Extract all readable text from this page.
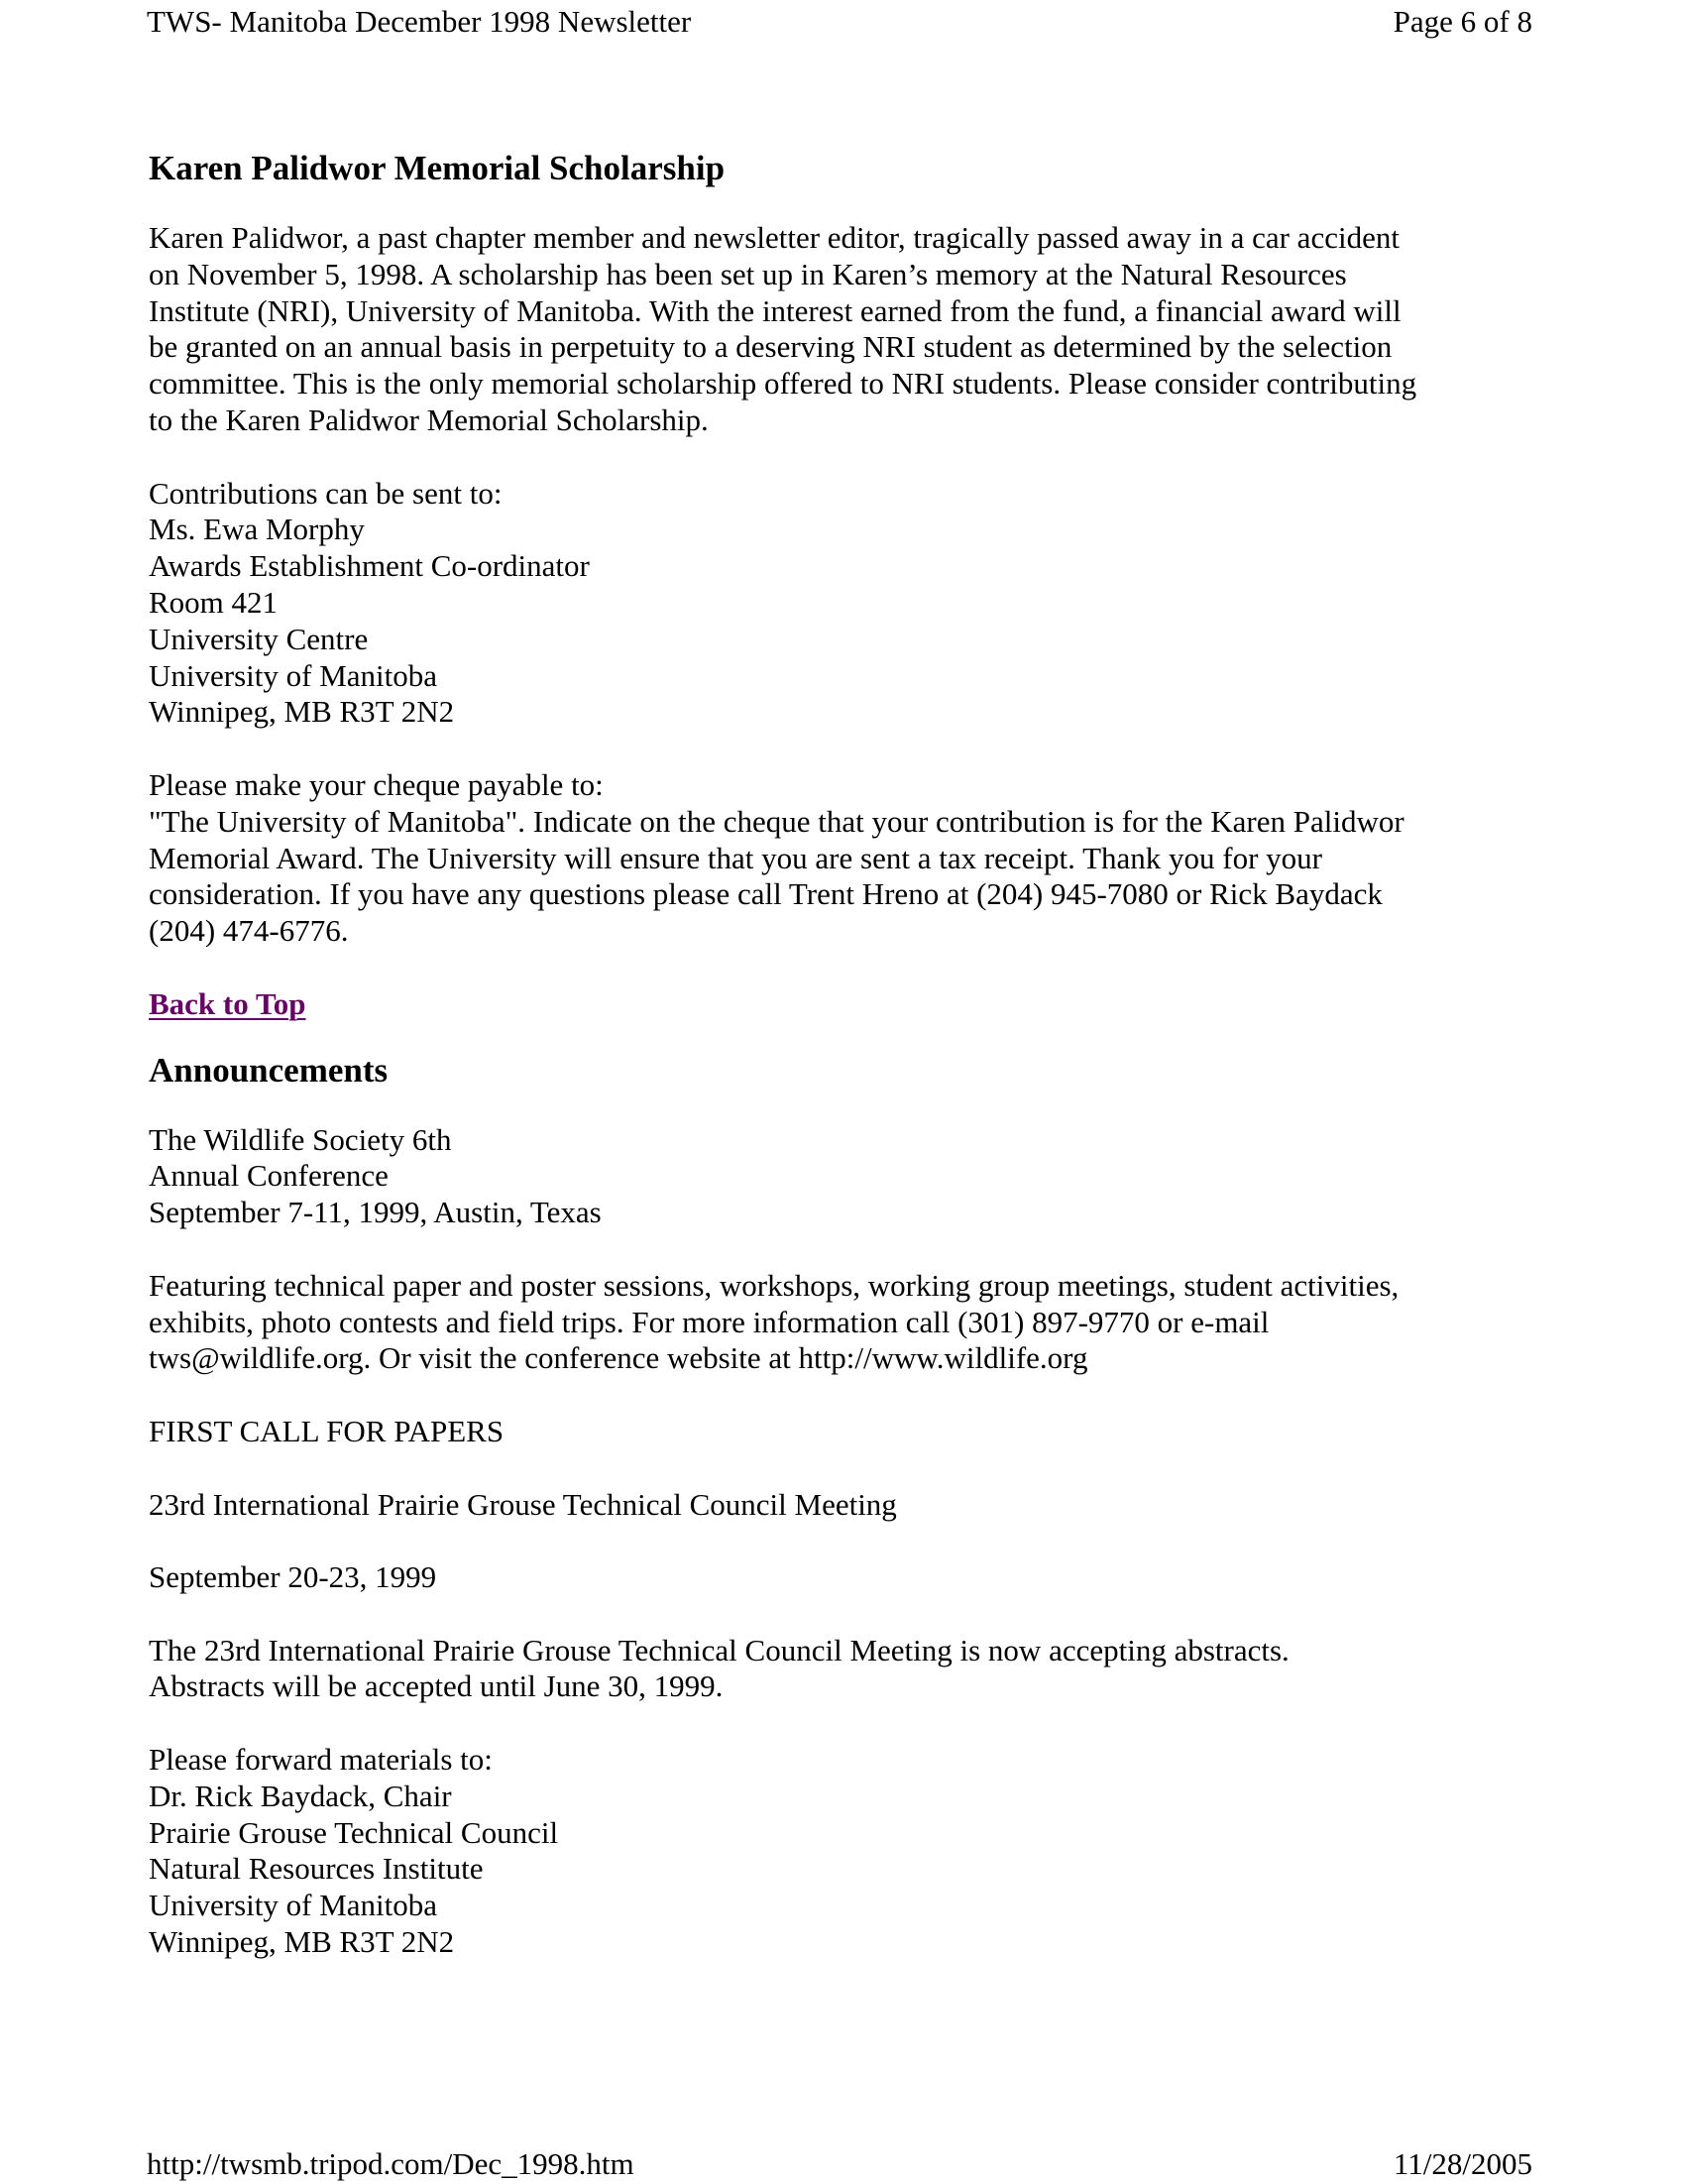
TWS- Manitoba December 1998 Newsletter	Page 6 of 8
Karen Palidwor Memorial Scholarship

Karen Palidwor, a past chapter member and newsletter editor, tragically passed away in a car accident
on November 5, 1998. A scholarship has been set up in Karen’s memory at the Natural Resources
Institute (NRI), University of Manitoba. With the interest earned from the fund, a financial award will
be granted on an annual basis in perpetuity to a deserving NRI student as determined by the selection
committee. This is the only memorial scholarship offered to NRI students. Please consider contributing
to the Karen Palidwor Memorial Scholarship.

Contributions can be sent to:
Ms. Ewa Morphy
Awards Establishment Co-ordinator
Room 421
University Centre
University of Manitoba
Winnipeg, MB R3T 2N2

Please make your cheque payable to:
"The University of Manitoba". Indicate on the cheque that your contribution is for the Karen Palidwor
Memorial Award. The University will ensure that you are sent a tax receipt. Thank you for your
consideration. If you have any questions please call Trent Hreno at (204) 945-7080 or Rick Baydack
(204) 474-6776.

Back to Top

Announcements

The Wildlife Society 6th
Annual Conference
September 7-11, 1999, Austin, Texas

Featuring technical paper and poster sessions, workshops, working group meetings, student activities,
exhibits, photo contests and field trips. For more information call (301) 897-9770 or e-mail
tws@wildlife.org. Or visit the conference website at http://www.wildlife.org

FIRST CALL FOR PAPERS

23rd International Prairie Grouse Technical Council Meeting

September 20-23, 1999

The 23rd International Prairie Grouse Technical Council Meeting is now accepting abstracts.
Abstracts will be accepted until June 30, 1999.

Please forward materials to:
Dr. Rick Baydack, Chair
Prairie Grouse Technical Council
Natural Resources Institute
University of Manitoba
Winnipeg, MB R3T 2N2

http://twsmb.tripod.com/Dec_1998.htm	11/28/2005
